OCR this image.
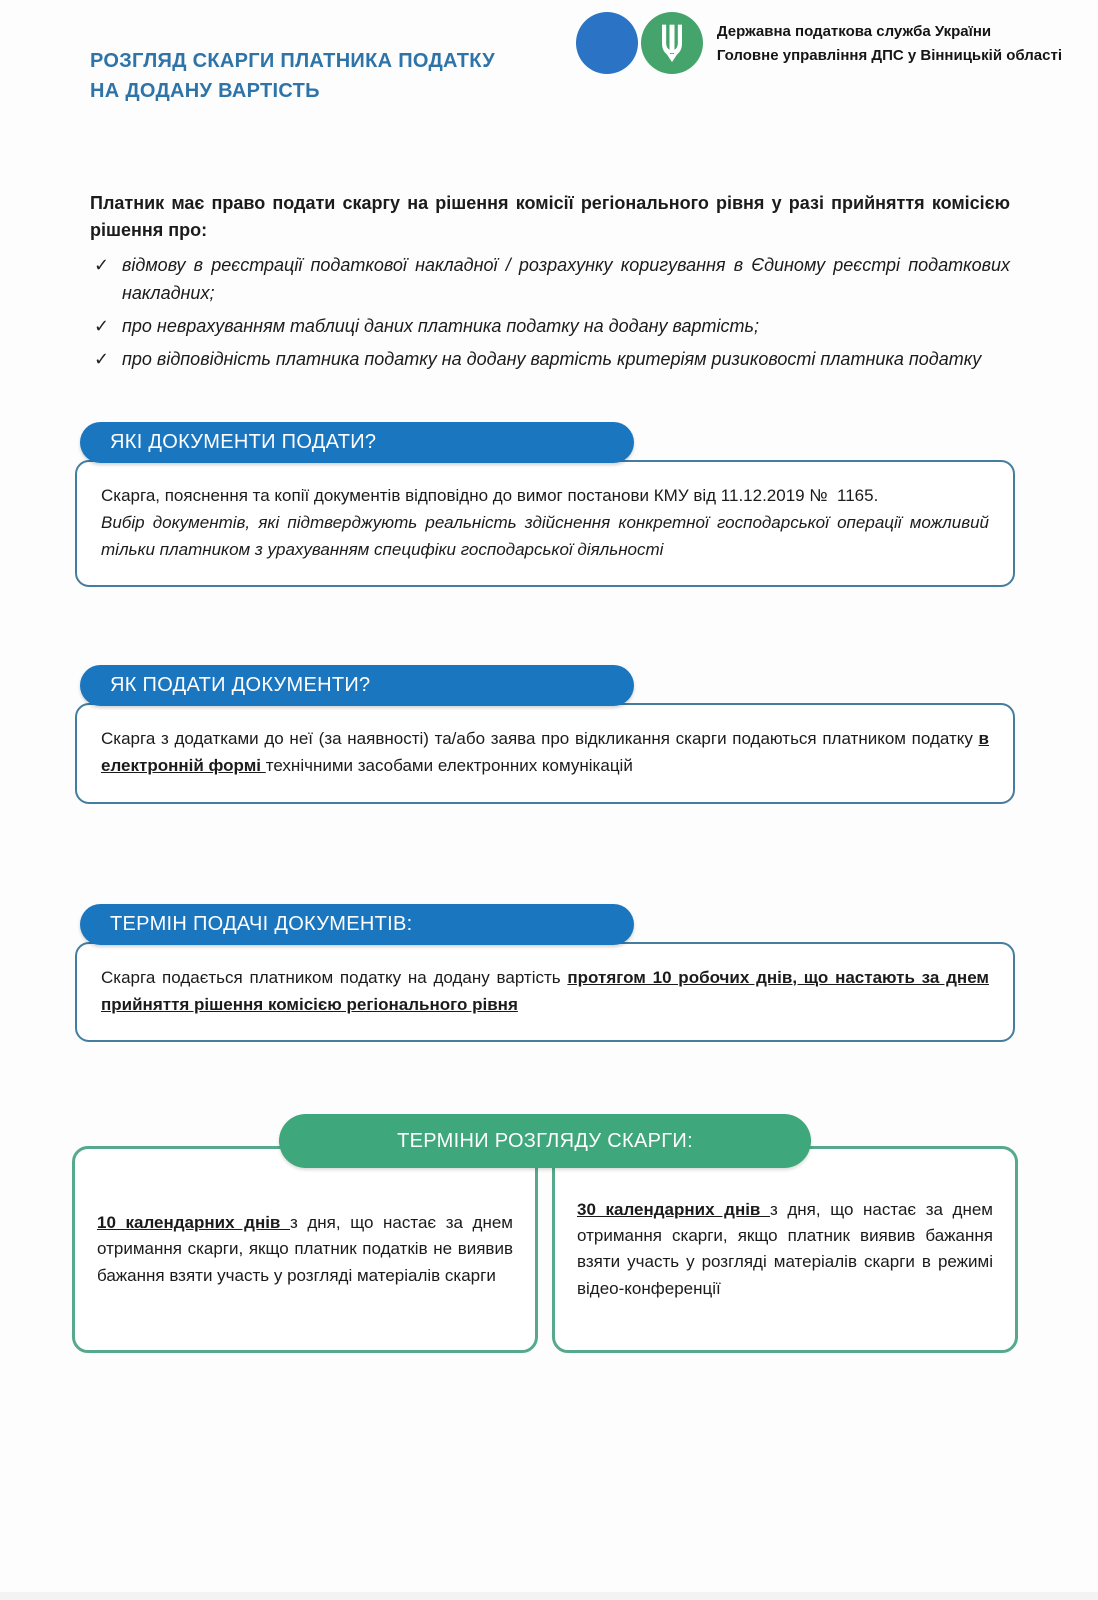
РОЗГЛЯД СКАРГИ ПЛАТНИКА ПОДАТКУ
НА ДОДАНУ ВАРТІСТЬ
Державна податкова служба України
Головне управління ДПС у Вінницькій області

Платник має право подати скаргу на рішення комісії регіонального рівня у разі прийняття комісією рішення про:

✓ відмову в реєстрації податкової накладної / розрахунку коригування в Єдиному реєстрі податкових накладних;
✓ про неврахуванням таблиці даних платника податку на додану вартість;
✓ про відповідність платника податку на додану вартість критеріям ризиковості платника податку
ЯКІ ДОКУМЕНТИ ПОДАТИ?
Скарга, пояснення та копії документів відповідно до вимог постанови КМУ від 11.12.2019 №  1165.
Вибір документів, які підтверджують реальність здійснення конкретної господарської операції можливий тільки платником з урахуванням специфіки господарської діяльності
ЯК ПОДАТИ ДОКУМЕНТИ?
Скарга з додатками до неї (за наявності) та/або заява про відкликання скарги подаються платником податку в електронній формі технічними засобами електронних комунікацій
ТЕРМІН ПОДАЧІ ДОКУМЕНТІВ:
Скарга подається платником податку на додану вартість протягом 10 робочих днів, що настають за днем прийняття рішення комісією регіонального рівня
ТЕРМІНИ РОЗГЛЯДУ СКАРГИ:
10 календарних днів з дня, що настає за днем отримання скарги, якщо платник податків не виявив бажання взяти участь у розгляді матеріалів скарги
30 календарних днів з дня, що настає за днем отримання скарги, якщо платник виявив бажання взяти участь у розгляді матеріалів скарги в режимі відео-конференції
